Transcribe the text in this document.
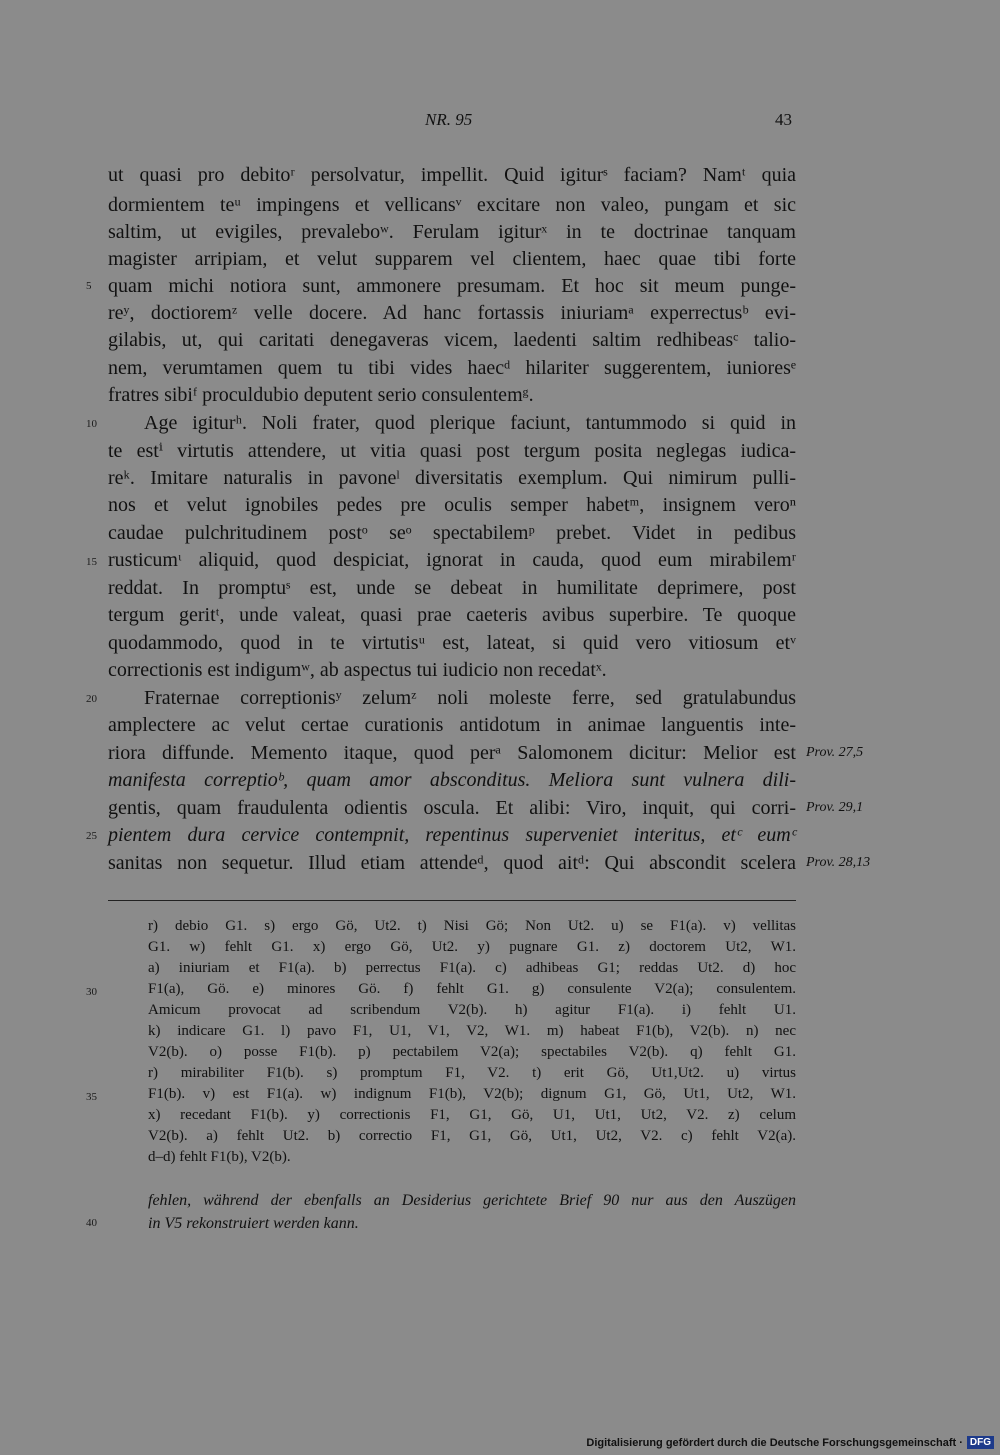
NR. 95	43
ut quasi pro debitoʳ persolvatur, impellit. Quid igiturˢ faciam? Namᵗ quia
dormientem teᵘ impingens et vellicansᵛ excitare non valeo, pungam et sic
saltim, ut evigiles, prevaleboʷ. Ferulam igiturˣ in te doctrinae tanquam
magister arripiam, et velut supparem vel clientem, haec quae tibi forte
quam michi notiora sunt, ammonere presumam. Et hoc sit meum punge-
reʸ, doctioremᶻ velle docere. Ad hanc fortassis iniuriamᵃ experrectusᵇ evi-
gilabis, ut, qui caritati denegaveras vicem, laedenti saltim redhibeasᶜ talio-
nem, verumtamen quem tu tibi vides haecᵈ hilariter suggerentem, iunioresᵉ
fratres sibiᶠ proculdubio deputent serio consulentemᵍ.
Age igiturʰ. Noli frater, quod plerique faciunt, tantummodo si quid in
te estⁱ virtutis attendere, ut vitia quasi post tergum posita neglegas iudica-
reᵏ. Imitare naturalis in pavoneˡ diversitatis exemplum. Qui nimirum pulli-
nos et velut ignobiles pedes pre oculis semper habetᵐ, insignem veroⁿ
caudae pulchritudinem postᵒ seᵒ spectabilemᵖ prebet. Videt in pedibus
rusticumᶥ aliquid, quod despiciat, ignorat in cauda, quod eum mirabilemʳ
reddat. In promptuˢ est, unde se debeat in humilitate deprimere, post
tergum geritᵗ, unde valeat, quasi prae caeteris avibus superbire. Te quoque
quodammodo, quod in te virtutisᵘ est, lateat, si quid vero vitiosum etᵛ
correctionis est indigumʷ, ab aspectus tui iudicio non recedatˣ.
Fraternae correptionisʸ zelumᶻ noli moleste ferre, sed gratulabundus
amplectere ac velut certae curationis antidotum in animae languentis inte-
riora diffunde. Memento itaque, quod perᵃ Salomonem dicitur: Melior est
manifesta correptioᵇ, quam amor absconditus. Meliora sunt vulnera dili-
gentis, quam fraudulenta odientis oscula. Et alibi: Viro, inquit, qui corri-
pientem dura cervice contempnit, repentinus superveniet interitus, etᶜ eumᶜ
sanitas non sequetur. Illud etiam attendeᵈ, quod aitᵈ: Qui abscondit scelera
5
10
15
20
25
30
35
40
Prov. 27,5
Prov. 29,1
Prov. 28,13
r) debio G1. s) ergo Gö, Ut2. t) Nisi Gö; Non Ut2. u) se F1(a). v) vellitas
G1. w) fehlt G1. x) ergo Gö, Ut2. y) pugnare G1. z) doctorem Ut2, W1.
a) iniuriam et F1(a). b) perrectus F1(a). c) adhibeas G1; reddas Ut2. d) hoc
F1(a), Gö. e) minores Gö. f) fehlt G1. g) consulente V2(a); consulentem.
Amicum provocat ad scribendum V2(b). h) agitur F1(a). i) fehlt U1.
k) indicare G1. l) pavo F1, U1, V1, V2, W1. m) habeat F1(b), V2(b). n) nec
V2(b). o) posse F1(b). p) pectabilem V2(a); spectabiles V2(b). q) fehlt G1.
r) mirabiliter F1(b). s) promptum F1, V2. t) erit Gö, Ut1,Ut2. u) virtus
F1(b). v) est F1(a). w) indignum F1(b), V2(b); dignum G1, Gö, Ut1, Ut2, W1.
x) recedant F1(b). y) correctionis F1, G1, Gö, U1, Ut1, Ut2, V2. z) celum
V2(b). a) fehlt Ut2. b) correctio F1, G1, Gö, Ut1, Ut2, V2. c) fehlt V2(a).
d–d) fehlt F1(b), V2(b).
fehlen, während der ebenfalls an Desiderius gerichtete Brief 90 nur aus den Auszügen
in V5 rekonstruiert werden kann.
Digitalisierung gefördert durch die Deutsche Forschungsgemeinschaft · DFG
